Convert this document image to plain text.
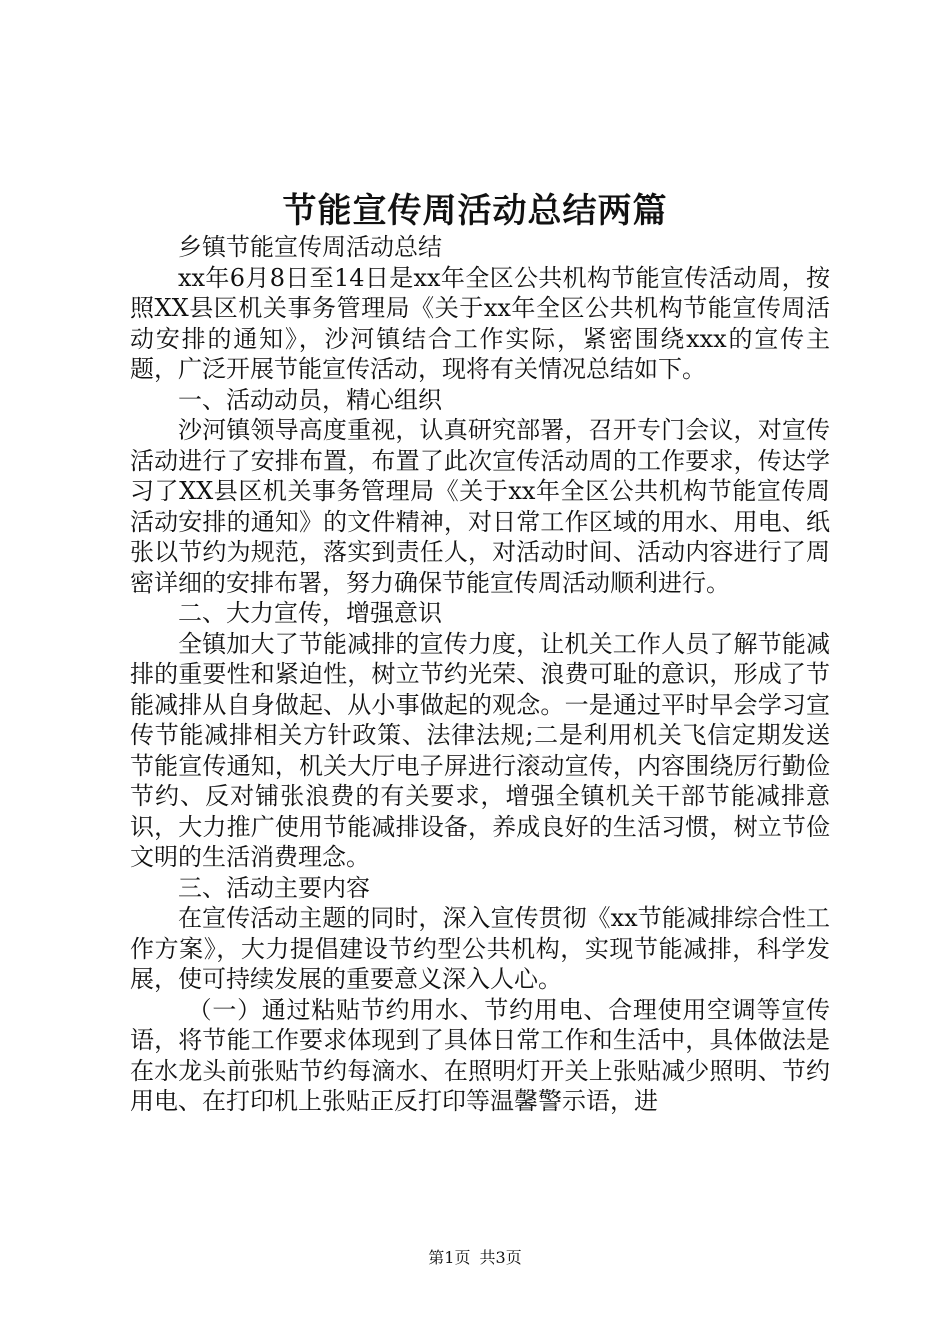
节能宣传周活动总结两篇

乡镇节能宣传周活动总结

xx年6月8日至14日是xx年全区公共机构节能宣传活动周，按照XX县区机关事务管理局《关于xx年全区公共机构节能宣传周活动安排的通知》，沙河镇结合工作实际，紧密围绕xxx的宣传主题，广泛开展节能宣传活动，现将有关情况总结如下。

一、活动动员，精心组织

沙河镇领导高度重视，认真研究部署，召开专门会议，对宣传活动进行了安排布置，布置了此次宣传活动周的工作要求，传达学习了XX县区机关事务管理局《关于xx年全区公共机构节能宣传周活动安排的通知》的文件精神，对日常工作区域的用水、用电、纸张以节约为规范，落实到责任人，对活动时间、活动内容进行了周密详细的安排布署，努力确保节能宣传周活动顺利进行。

二、大力宣传，增强意识

全镇加大了节能减排的宣传力度，让机关工作人员了解节能减排的重要性和紧迫性，树立节约光荣、浪费可耻的意识，形成了节能减排从自身做起、从小事做起的观念。一是通过平时早会学习宣传节能减排相关方针政策、法律法规;二是利用机关飞信定期发送节能宣传通知，机关大厅电子屏进行滚动宣传，内容围绕厉行勤俭节约、反对铺张浪费的有关要求，增强全镇机关干部节能减排意识，大力推广使用节能减排设备，养成良好的生活习惯，树立节俭文明的生活消费理念。

三、活动主要内容

在宣传活动主题的同时，深入宣传贯彻《xx节能减排综合性工作方案》，大力提倡建设节约型公共机构，实现节能减排，科学发展，使可持续发展的重要意义深入人心。

（一）通过粘贴节约用水、节约用电、合理使用空调等宣传语，将节能工作要求体现到了具体日常工作和生活中，具体做法是在水龙头前张贴节约每滴水、在照明灯开关上张贴减少照明、节约用电、在打印机上张贴正反打印等温馨警示语，进

第1页 共3页
